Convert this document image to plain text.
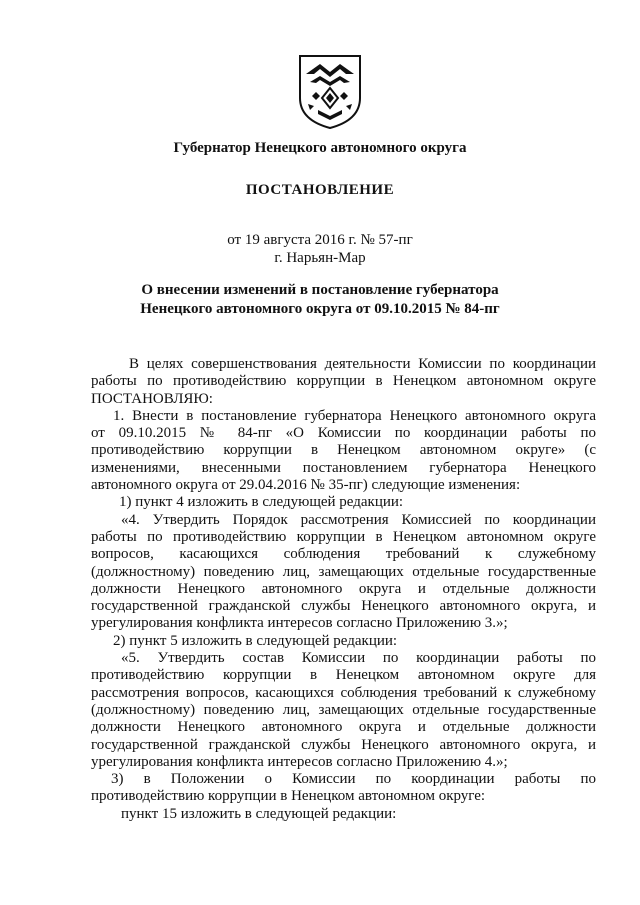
Губернатор Ненецкого автономного округа
ПОСТАНОВЛЕНИЕ
от 19 августа 2016 г. № 57-пг
г. Нарьян-Мар
О внесении изменений в постановление губернатора
Ненецкого автономного округа от 09.10.2015 № 84-пг
В целях совершенствования деятельности Комиссии по координации
работы по противодействию коррупции в Ненецком автономном округе
ПОСТАНОВЛЯЮ:
1. Внести в постановление губернатора Ненецкого автономного округа
от 09.10.2015 № 84-пг «О Комиссии по координации работы по
противодействию коррупции в Ненецком автономном округе» (с
изменениями, внесенными постановлением губернатора Ненецкого
автономного округа от 29.04.2016 № 35-пг) следующие изменения:
1) пункт 4 изложить в следующей редакции:
«4. Утвердить Порядок рассмотрения Комиссией по координации
работы по противодействию коррупции в Ненецком автономном округе
вопросов, касающихся соблюдения требований к служебному
(должностному) поведению лиц, замещающих отдельные государственные
должности Ненецкого автономного округа и отдельные должности
государственной гражданской службы Ненецкого автономного округа, и
урегулирования конфликта интересов согласно Приложению 3.»;
2) пункт 5 изложить в следующей редакции:
«5. Утвердить состав Комиссии по координации работы по
противодействию коррупции в Ненецком автономном округе для
рассмотрения вопросов, касающихся соблюдения требований к служебному
(должностному) поведению лиц, замещающих отдельные государственные
должности Ненецкого автономного округа и отдельные должности
государственной гражданской службы Ненецкого автономного округа, и
урегулирования конфликта интересов согласно Приложению 4.»;
3) в Положении о Комиссии по координации работы по
противодействию коррупции в Ненецком автономном округе:
пункт 15 изложить в следующей редакции:
